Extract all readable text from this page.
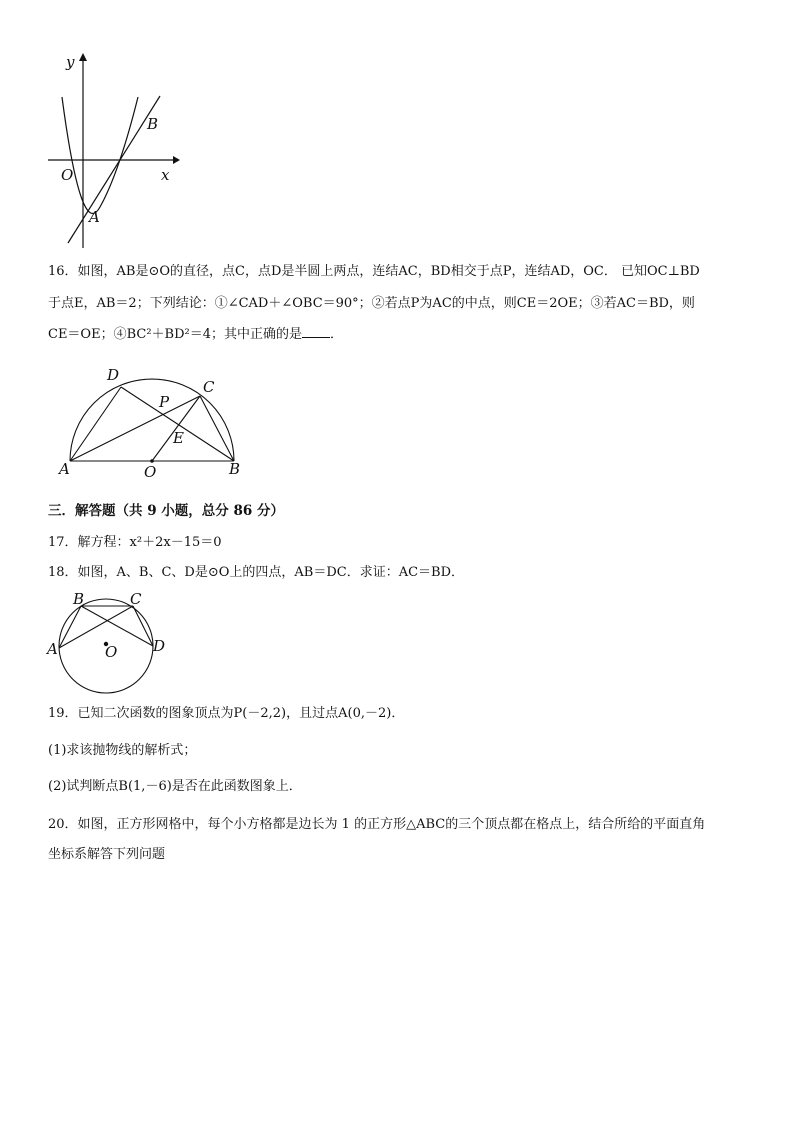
y
x
O
A
B
16．如图，AB是⊙O的直径，点C，点D是半圆上两点，连结AC，BD相交于点P，连结AD，OC． 已知OC⊥BD
于点E，AB＝2；下列结论：①∠CAD＋∠OBC＝90°；②若点P为AC的中点，则CE＝2OE；③若AC＝BD，则
CE＝OE；④BC²＋BD²＝4；其中正确的是 ．
D
C
P
E
A	O	B
三．解答题（共 9 小题，总分 86 分）
17．解方程：x²＋2x－15＝0
18．如图，A、B、C、D是⊙O上的四点，AB＝DC．求证：AC＝BD．
B	C
A	D
O
19．已知二次函数的图象顶点为P(－2,2)，且过点A(0,－2)．
(1)求该抛物线的解析式；
(2)试判断点B(1,－6)是否在此函数图象上．
20．如图，正方形网格中，每个小方格都是边长为 1 的正方形△ABC的三个顶点都在格点上，结合所给的平面直角
坐标系解答下列问题
